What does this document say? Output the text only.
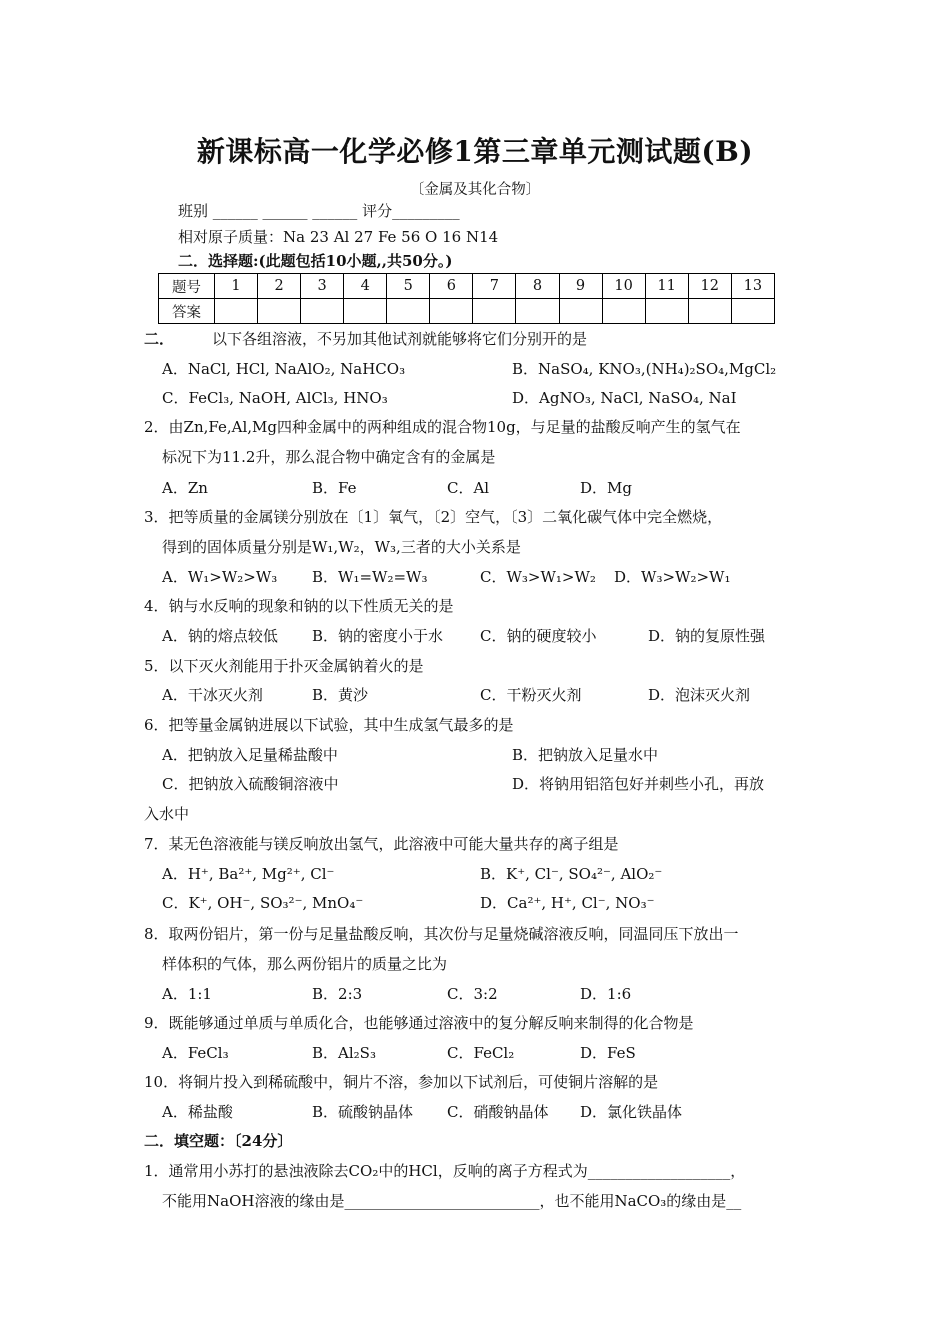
新课标高一化学必修1第三章单元测试题(B)
〔金属及其化合物〕
班别 ______ ______ ______ 评分_________
相对原子质量：Na 23 Al 27 Fe 56 O 16 N14
二．选择题:(此题包括10小题,,共50分。)
题号	1	2	3	4	5	6	7	8	9	10	11	12	13
答案													
二．	以下各组溶液，不另加其他试剂就能够将它们分别开的是
A．NaCl, HCl, NaAlO₂, NaHCO₃	B．NaSO₄, KNO₃,(NH₄)₂SO₄,MgCl₂
C．FeCl₃, NaOH, AlCl₃, HNO₃	D．AgNO₃, NaCl, NaSO₄, NaI
2．由Zn,Fe,Al,Mg四种金属中的两种组成的混合物10g，与足量的盐酸反响产生的氢气在
标况下为11.2升，那么混合物中确定含有的金属是
A．Zn	B．Fe	C．Al	D．Mg
3．把等质量的金属镁分别放在〔1〕氧气，〔2〕空气，〔3〕二氧化碳气体中完全燃烧，
得到的固体质量分别是W₁,W₂，W₃,三者的大小关系是
A．W₁>W₂>W₃ B．W₁=W₂=W₃	C．W₃>W₁>W₂ D．W₃>W₂>W₁
4．钠与水反响的现象和钠的以下性质无关的是
A．钠的熔点较低 B．钠的密度小于水 C．钠的硬度较小	D．钠的复原性强
5．以下灭火剂能用于扑灭金属钠着火的是
A．干冰灭火剂	B．黄沙	C．干粉灭火剂	D．泡沫灭火剂
6．把等量金属钠进展以下试验，其中生成氢气最多的是
A．把钠放入足量稀盐酸中	B．把钠放入足量水中
C．把钠放入硫酸铜溶液中	D．将钠用铝箔包好并刺些小孔，再放
入水中
7．某无色溶液能与镁反响放出氢气，此溶液中可能大量共存的离子组是
A．H⁺, Ba²⁺, Mg²⁺, Cl⁻	B．K⁺, Cl⁻, SO₄²⁻, AlO₂⁻
C．K⁺, OH⁻, SO₃²⁻, MnO₄⁻	D．Ca²⁺, H⁺, Cl⁻, NO₃⁻
8．取两份铝片，第一份与足量盐酸反响，其次份与足量烧碱溶液反响，同温同压下放出一
样体积的气体，那么两份铝片的质量之比为
A．1:1	B．2:3	C．3:2	D．1:6
9．既能够通过单质与单质化合，也能够通过溶液中的复分解反响来制得的化合物是
A．FeCl₃	B．Al₂S₃	C．FeCl₂	D．FeS
10．将铜片投入到稀硫酸中，铜片不溶，参加以下试剂后，可使铜片溶解的是
A．稀盐酸	B．硫酸钠晶体 C．硝酸钠晶体 D．氯化铁晶体
二．填空题：〔24分〕
1．通常用小苏打的悬浊液除去CO₂中的HCl，反响的离子方程式为___________________，
不能用NaOH溶液的缘由是__________________________，也不能用NaCO₃的缘由是__
